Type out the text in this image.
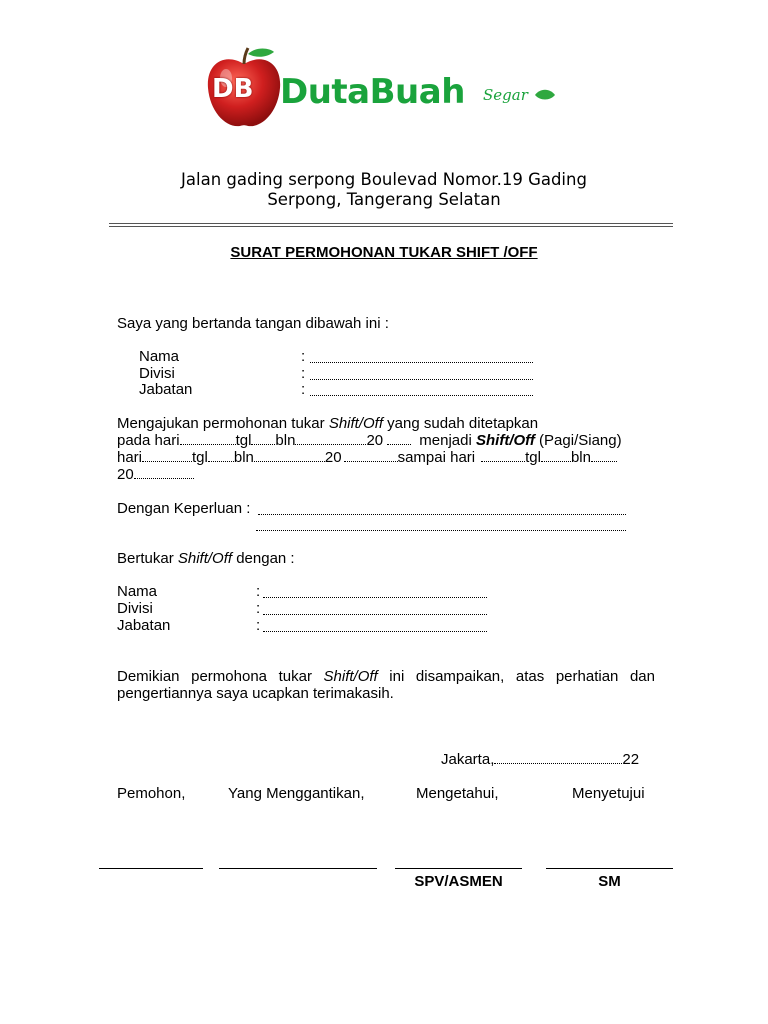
DB DutaBuah Segar
Jalan gading serpong Boulevad Nomor.19 Gading
Serpong, Tangerang Selatan
SURAT PERMOHONAN TUKAR SHIFT /OFF
Saya yang bertanda tangan dibawah ini :
Nama	:
Divisi	:
Jabatan	:
Mengajukan permohonan tukar Shift/Off yang sudah ditetapkan
pada hari	tgl bln	20 menjadi Shift/Off (Pagi/Siang)
hari	tgl bln	20	sampai hari	tgl bln
20
Dengan Keperluan :
Bertukar Shift/Off dengan :
Nama	:
Divisi	:
Jabatan	:
Demikian permohona tukar Shift/Off ini disampaikan, atas perhatian dan
pengertiannya saya ucapkan terimakasih.
Jakarta,	22
Pemohon,	Yang Menggantikan,	Mengetahui,	Menyetujui
SPV/ASMEN	SM
